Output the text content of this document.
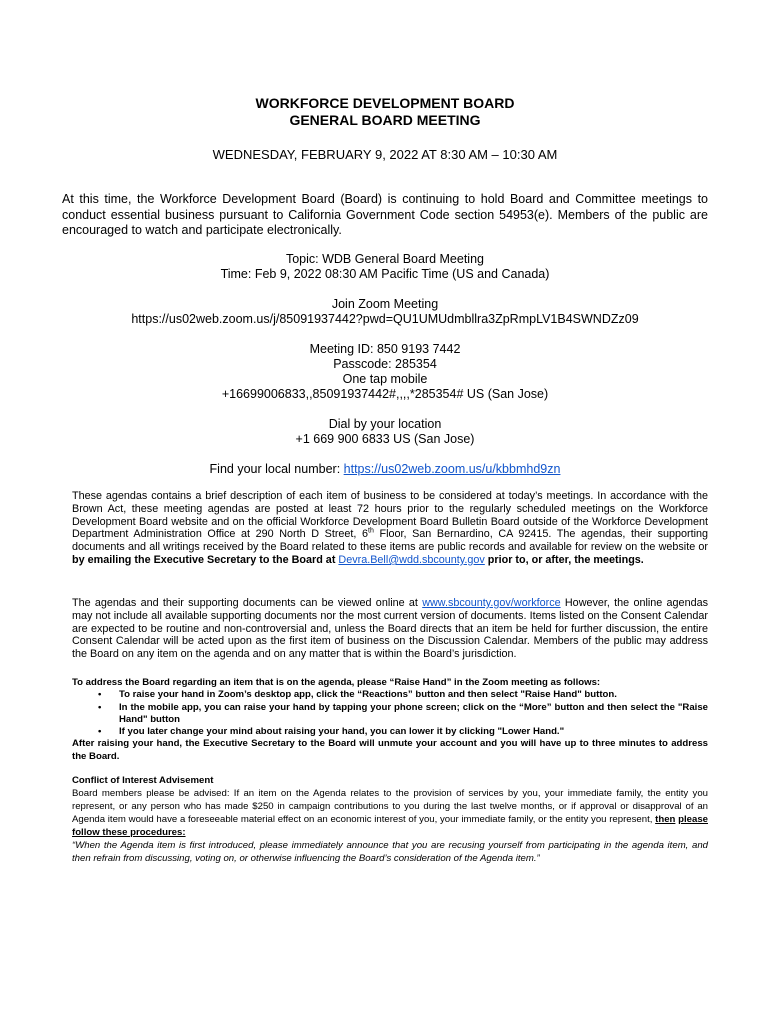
WORKFORCE DEVELOPMENT BOARD
GENERAL BOARD MEETING
WEDNESDAY, FEBRUARY 9, 2022 AT 8:30 AM – 10:30 AM
At this time, the Workforce Development Board (Board) is continuing to hold Board and Committee meetings to conduct essential business pursuant to California Government Code section 54953(e). Members of the public are encouraged to watch and participate electronically.
Topic: WDB General Board Meeting
Time: Feb 9, 2022 08:30 AM Pacific Time (US and Canada)
Join Zoom Meeting
https://us02web.zoom.us/j/85091937442?pwd=QU1UMUdmbllra3ZpRmpLV1B4SWNDZz09
Meeting ID: 850 9193 7442
Passcode: 285354
One tap mobile
+16699006833,,85091937442#,,,,*285354# US (San Jose)
Dial by your location
+1 669 900 6833 US (San Jose)
Find your local number: https://us02web.zoom.us/u/kbbmhd9zn
These agendas contains a brief description of each item of business to be considered at today’s meetings. In accordance with the Brown Act, these meeting agendas are posted at least 72 hours prior to the regularly scheduled meetings on the Workforce Development Board website and on the official Workforce Development Board Bulletin Board outside of the Workforce Development Department Administration Office at 290 North D Street, 6th Floor, San Bernardino, CA 92415. The agendas, their supporting documents and all writings received by the Board related to these items are public records and available for review on the website or by emailing the Executive Secretary to the Board at Devra.Bell@wdd.sbcounty.gov prior to, or after, the meetings.
The agendas and their supporting documents can be viewed online at www.sbcounty.gov/workforce However, the online agendas may not include all available supporting documents nor the most current version of documents. Items listed on the Consent Calendar are expected to be routine and non-controversial and, unless the Board directs that an item be held for further discussion, the entire Consent Calendar will be acted upon as the first item of business on the Discussion Calendar. Members of the public may address the Board on any item on the agenda and on any matter that is within the Board’s jurisdiction.
To address the Board regarding an item that is on the agenda, please “Raise Hand” in the Zoom meeting as follows:
• To raise your hand in Zoom’s desktop app, click the “Reactions” button and then select "Raise Hand" button.
• In the mobile app, you can raise your hand by tapping your phone screen; click on the “More” button and then select the "Raise Hand" button
• If you later change your mind about raising your hand, you can lower it by clicking "Lower Hand."
After raising your hand, the Executive Secretary to the Board will unmute your account and you will have up to three minutes to address the Board.
Conflict of Interest Advisement
Board members please be advised: If an item on the Agenda relates to the provision of services by you, your immediate family, the entity you represent, or any person who has made $250 in campaign contributions to you during the last twelve months, or if approval or disapproval of an Agenda item would have a foreseeable material effect on an economic interest of you, your immediate family, or the entity you represent, then please follow these procedures:
“When the Agenda item is first introduced, please immediately announce that you are recusing yourself from participating in the agenda item, and then refrain from discussing, voting on, or otherwise influencing the Board’s consideration of the Agenda item.”
